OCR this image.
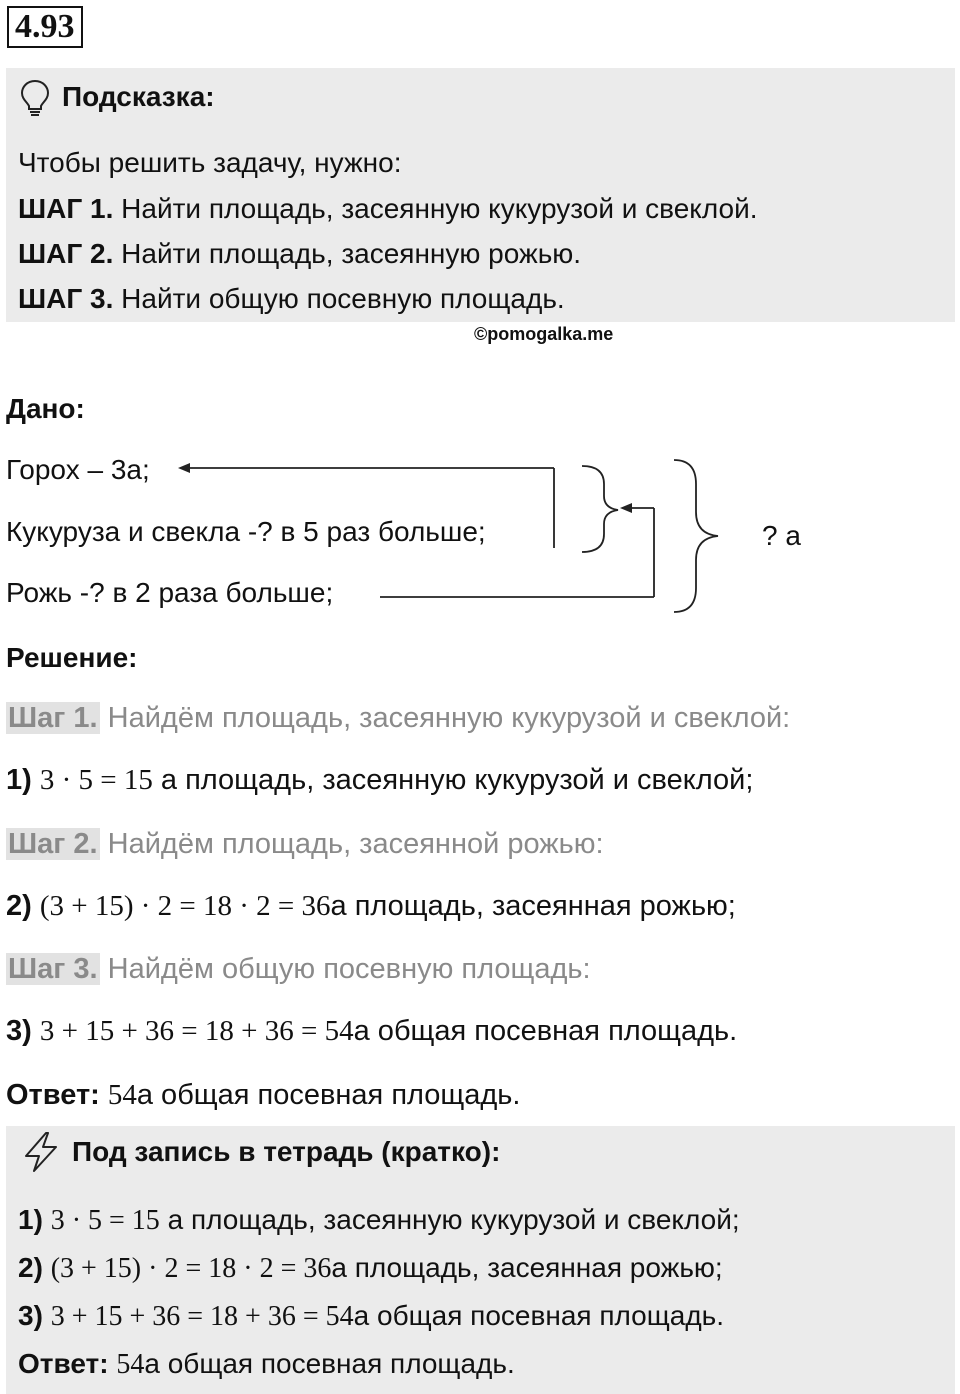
4.93
Подсказка:
Чтобы решить задачу, нужно:
ШАГ 1. Найти площадь, засеянную кукурузой и свеклой.
ШАГ 2. Найти площадь, засеянную рожью.
ШАГ 3. Найти общую посевную площадь.
©pomogalka.me
Дано:
Горох – 3а;
Кукуруза и свекла -? в 5 раз больше;
Рожь -? в 2 раза больше;
? а
Решение:
Шаг 1. Найдём площадь, засеянную кукурузой и свеклой:
1) 3 · 5 = 15 а площадь, засеянную кукурузой и свеклой;
Шаг 2. Найдём площадь, засеянной рожью:
2) (3 + 15) · 2 = 18 · 2 = 36а площадь, засеянная рожью;
Шаг 3. Найдём общую посевную площадь:
3) 3 + 15 + 36 = 18 + 36 = 54а общая посевная площадь.
Ответ: 54а общая посевная площадь.
Под запись в тетрадь (кратко):
1) 3 · 5 = 15 а площадь, засеянную кукурузой и свеклой;
2) (3 + 15) · 2 = 18 · 2 = 36а площадь, засеянная рожью;
3) 3 + 15 + 36 = 18 + 36 = 54а общая посевная площадь.
Ответ: 54а общая посевная площадь.
